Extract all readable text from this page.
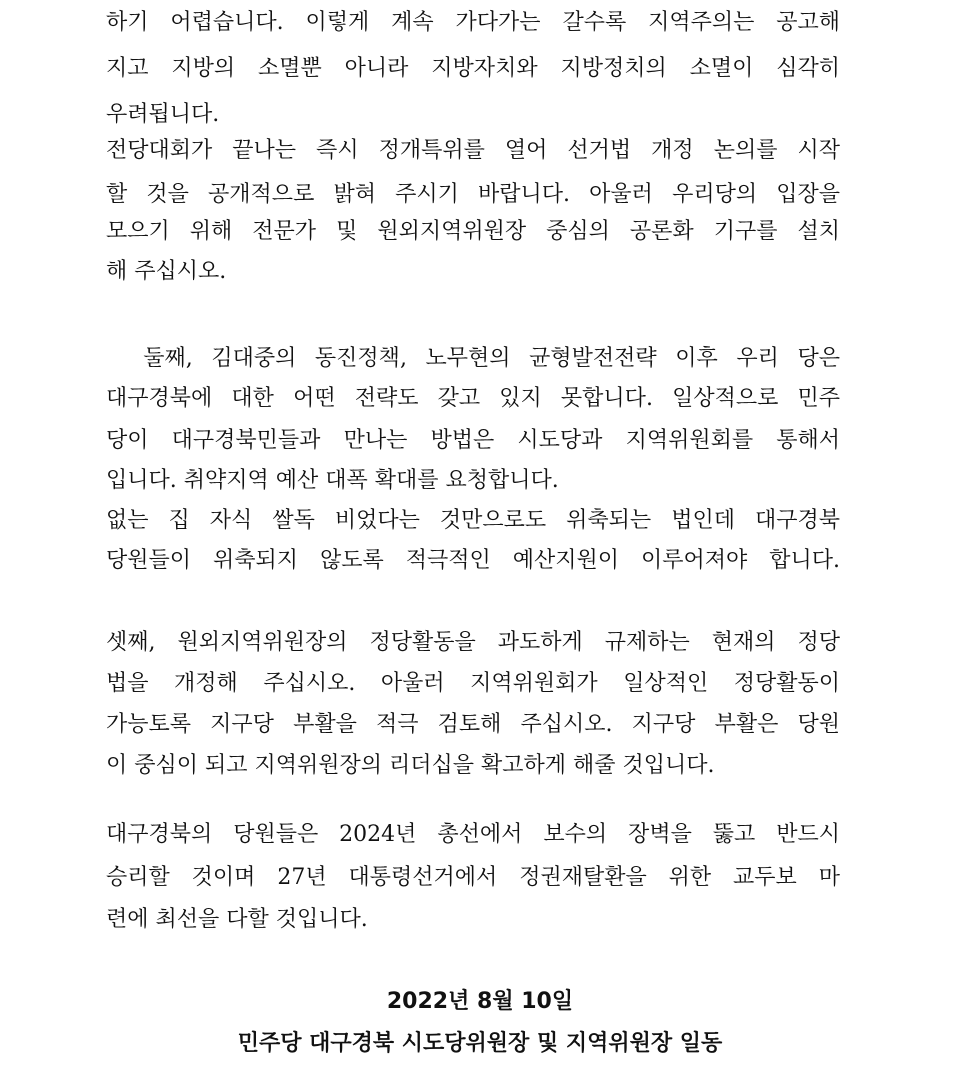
하기 어렵습니다. 이렇게 계속 가다가는 갈수록 지역주의는 공고해
지고 지방의 소멸뿐 아니라 지방자치와 지방정치의 소멸이 심각히
우려됩니다.
전당대회가 끝나는 즉시 정개특위를 열어 선거법 개정 논의를 시작
할 것을 공개적으로 밝혀 주시기 바랍니다. 아울러 우리당의 입장을
모으기 위해 전문가 및 원외지역위원장 중심의 공론화 기구를 설치
해 주십시오.
둘째, 김대중의 동진정책, 노무현의 균형발전전략 이후 우리 당은
대구경북에 대한 어떤 전략도 갖고 있지 못합니다. 일상적으로 민주
당이 대구경북민들과 만나는 방법은 시도당과 지역위원회를 통해서
입니다. 취약지역 예산 대폭 확대를 요청합니다.
없는 집 자식 쌀독 비었다는 것만으로도 위축되는 법인데 대구경북
당원들이 위축되지 않도록 적극적인 예산지원이 이루어져야 합니다.
셋째, 원외지역위원장의 정당활동을 과도하게 규제하는 현재의 정당
법을 개정해 주십시오. 아울러 지역위원회가 일상적인 정당활동이
가능토록 지구당 부활을 적극 검토해 주십시오. 지구당 부활은 당원
이 중심이 되고 지역위원장의 리더십을 확고하게 해줄 것입니다.
대구경북의 당원들은 2024년 총선에서 보수의 장벽을 뚫고 반드시
승리할 것이며 27년 대통령선거에서 정권재탈환을 위한 교두보 마
련에 최선을 다할 것입니다.
2022년 8월 10일
민주당 대구경북 시도당위원장 및 지역위원장 일동
